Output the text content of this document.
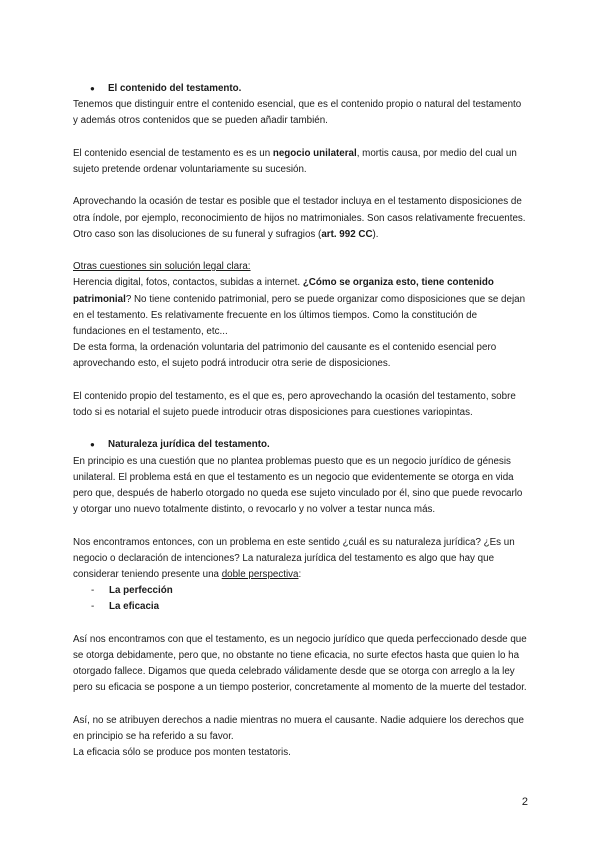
●	El contenido del testamento.

Tenemos que distinguir entre el contenido esencial, que es el contenido propio o natural del testamento y además otros contenidos que se pueden añadir también.

El contenido esencial de testamento es es un negocio unilateral, mortis causa, por medio del cual un sujeto pretende ordenar voluntariamente su sucesión.

Aprovechando la ocasión de testar es posible que el testador incluya en el testamento disposiciones de otra índole, por ejemplo, reconocimiento de hijos no matrimoniales. Son casos relativamente frecuentes. Otro caso son las disoluciones de su funeral y sufragios (art. 992 CC).

Otras cuestiones sin solución legal clara:

Herencia digital, fotos, contactos, subidas a internet. ¿Cómo se organiza esto, tiene contenido patrimonial? No tiene contenido patrimonial, pero se puede organizar como disposiciones que se dejan en el testamento. Es relativamente frecuente en los últimos tiempos. Como la constitución de fundaciones en el testamento, etc...

De esta forma, la ordenación voluntaria del patrimonio del causante es el contenido esencial pero aprovechando esto, el sujeto podrá introducir otra serie de disposiciones.

El contenido propio del testamento, es el que es, pero aprovechando la ocasión del testamento, sobre todo si es notarial el sujeto puede introducir otras disposiciones para cuestiones variopintas.

●	Naturaleza jurídica del testamento.

En principio es una cuestión que no plantea problemas puesto que es un negocio jurídico de génesis unilateral. El problema está en que el testamento es un negocio que evidentemente se otorga en vida pero que, después de haberlo otorgado no queda ese sujeto vinculado por él, sino que puede revocarlo y otorgar uno nuevo totalmente distinto, o revocarlo y no volver a testar nunca más.

Nos encontramos entonces, con un problema en este sentido ¿cuál es su naturaleza jurídica? ¿Es un negocio o declaración de intenciones? La naturaleza jurídica del testamento es algo que hay que considerar teniendo presente una doble perspectiva:

-	La perfección
-	La eficacia

Así nos encontramos con que el testamento, es un negocio jurídico que queda perfeccionado desde que se otorga debidamente, pero que, no obstante no tiene eficacia, no surte efectos hasta que quien lo ha otorgado fallece. Digamos que queda celebrado válidamente desde que se otorga con arreglo a la ley pero su eficacia se pospone a un tiempo posterior, concretamente al momento de la muerte del testador.

Así, no se atribuyen derechos a nadie mientras no muera el causante. Nadie adquiere los derechos que en principio se ha referido a su favor.

La eficacia sólo se produce pos monten testatoris.

2
